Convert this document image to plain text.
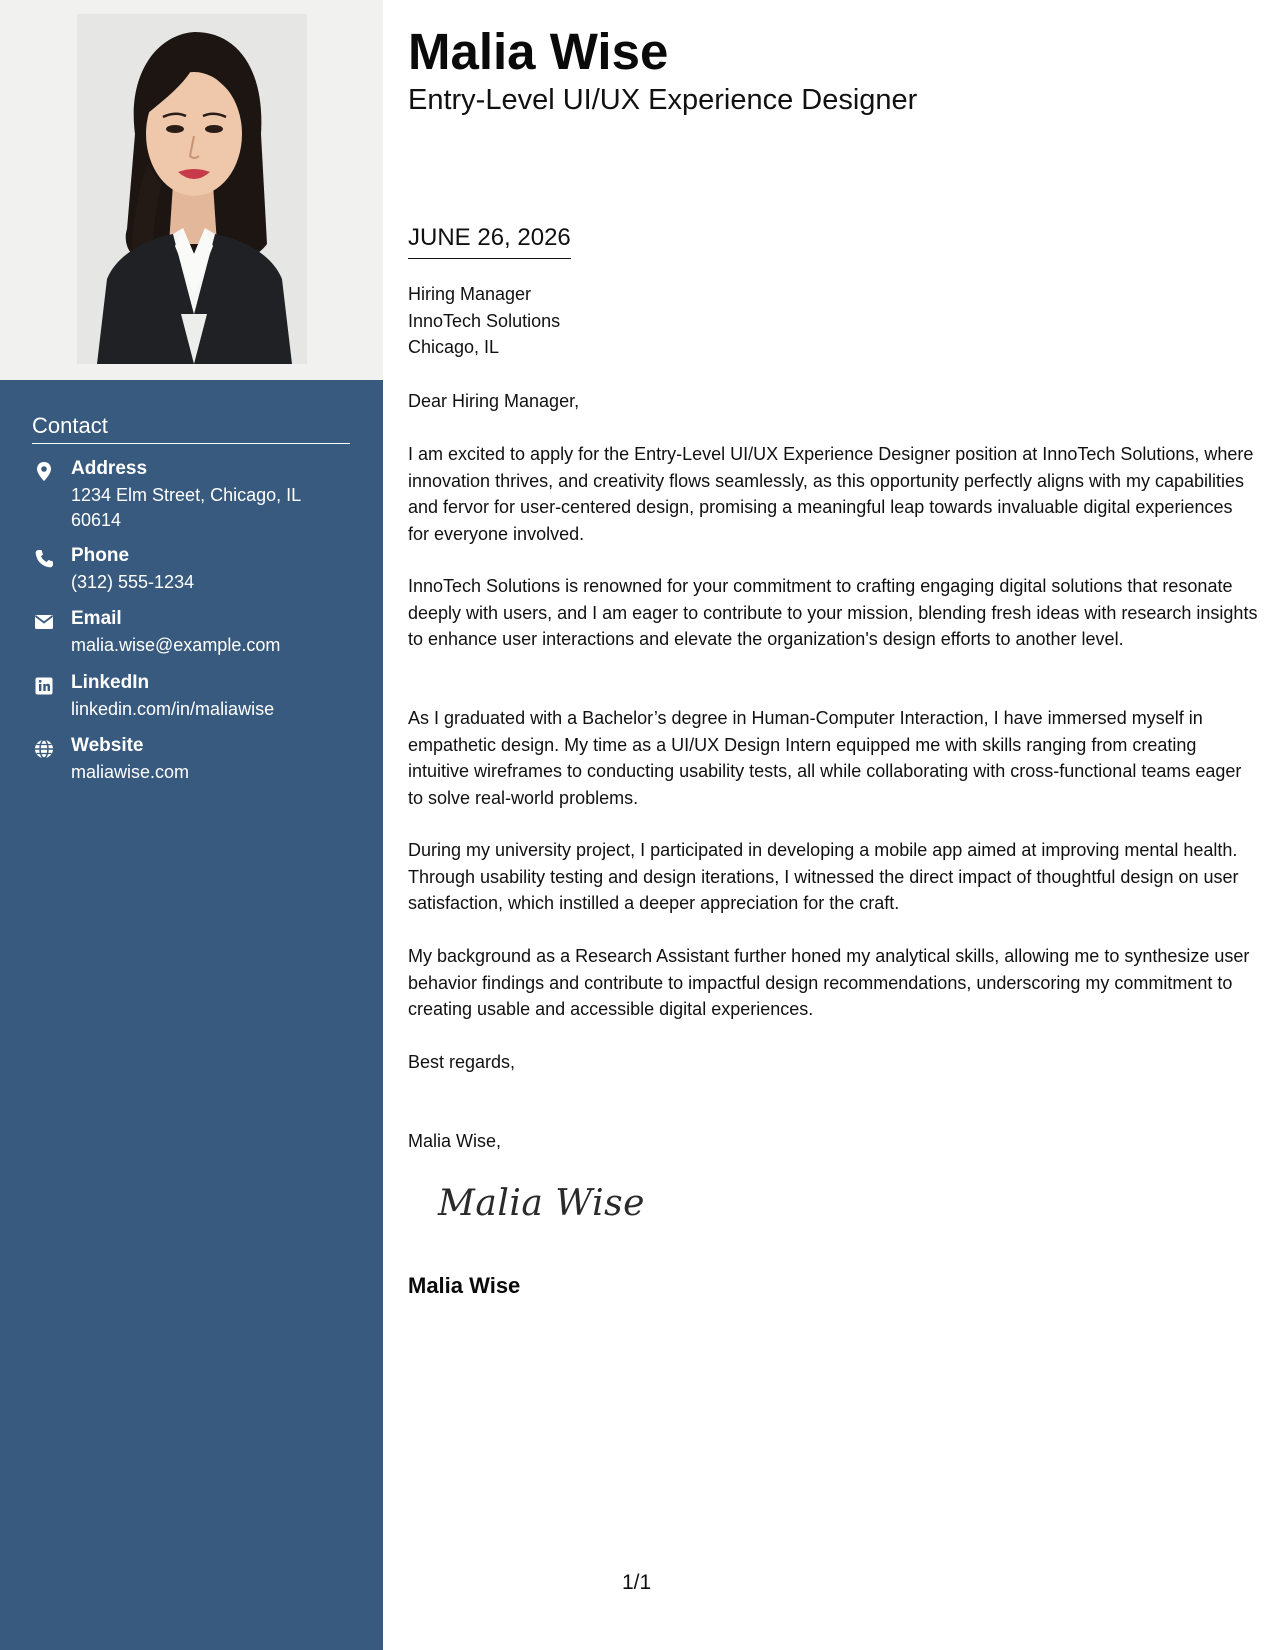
Contact
Address
1234 Elm Street, Chicago, IL 60614
Phone
(312) 555-1234
Email
malia.wise@example.com
LinkedIn
linkedin.com/in/maliawise
Website
maliawise.com
Malia Wise
Entry-Level UI/UX Experience Designer
JUNE 26, 2026
Hiring Manager
InnoTech Solutions
Chicago, IL
Dear Hiring Manager,
I am excited to apply for the Entry-Level UI/UX Experience Designer position at InnoTech Solutions, where innovation thrives, and creativity flows seamlessly, as this opportunity perfectly aligns with my capabilities and fervor for user-centered design, promising a meaningful leap towards invaluable digital experiences for everyone involved.
InnoTech Solutions is renowned for your commitment to crafting engaging digital solutions that resonate deeply with users, and I am eager to contribute to your mission, blending fresh ideas with research insights to enhance user interactions and elevate the organization's design efforts to another level.
As I graduated with a Bachelor’s degree in Human-Computer Interaction, I have immersed myself in empathetic design. My time as a UI/UX Design Intern equipped me with skills ranging from creating intuitive wireframes to conducting usability tests, all while collaborating with cross-functional teams eager to solve real-world problems.
During my university project, I participated in developing a mobile app aimed at improving mental health. Through usability testing and design iterations, I witnessed the direct impact of thoughtful design on user satisfaction, which instilled a deeper appreciation for the craft.
My background as a Research Assistant further honed my analytical skills, allowing me to synthesize user behavior findings and contribute to impactful design recommendations, underscoring my commitment to creating usable and accessible digital experiences.
Best regards,
Malia Wise,
Malia Wise
Malia Wise
1/1
